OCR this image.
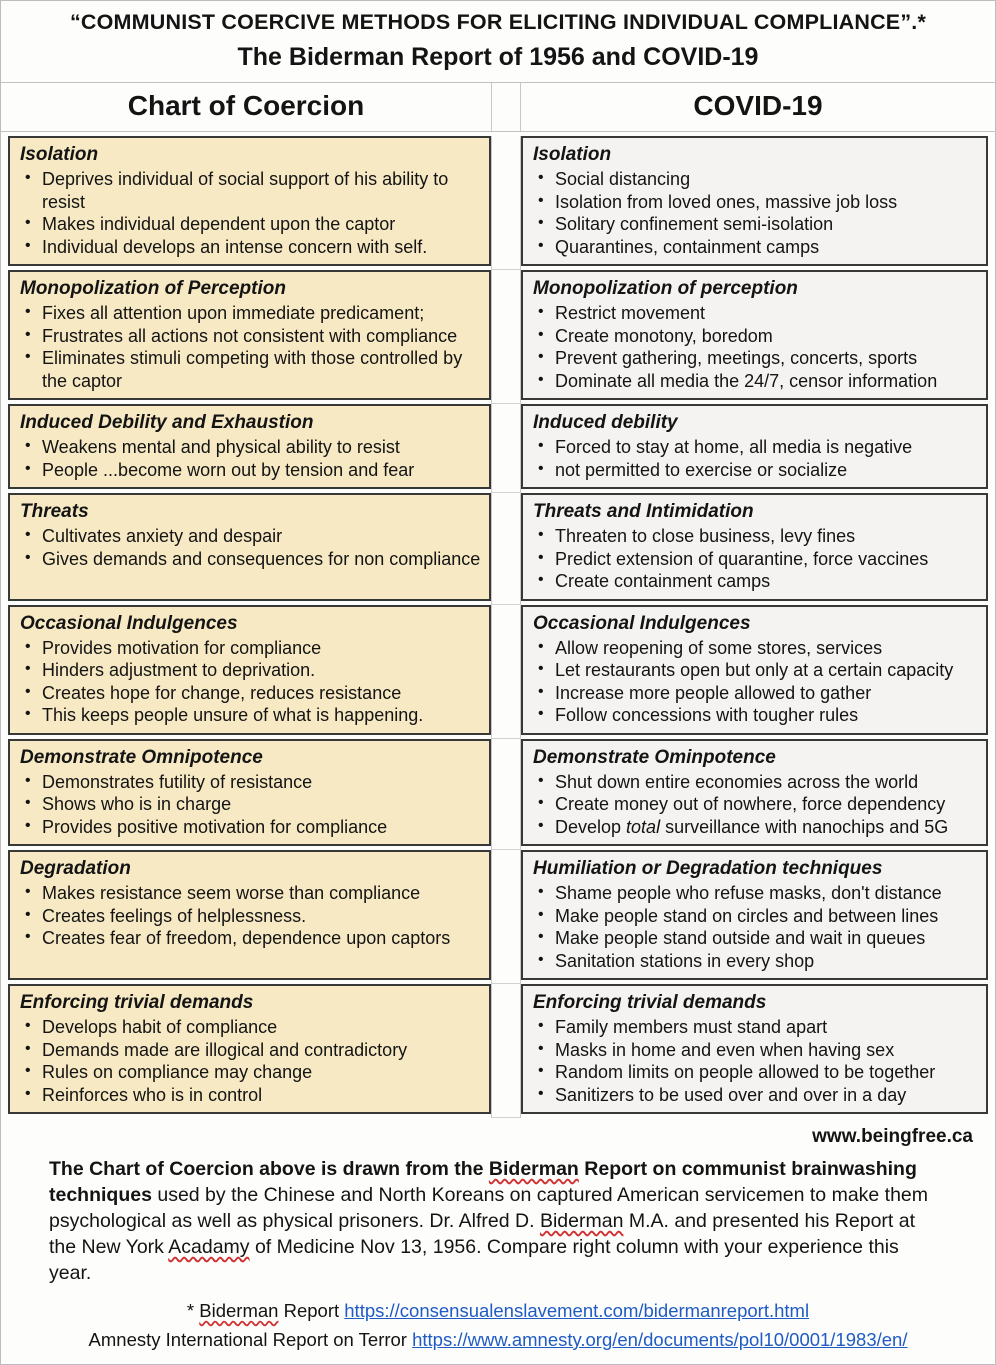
“COMMUNIST COERCIVE METHODS FOR ELICITING INDIVIDUAL COMPLIANCE”.*
The Biderman Report of 1956 and COVID-19
Chart of Coercion	COVID-19
Isolation
• Deprives individual of social support of his ability to resist
• Makes individual dependent upon the captor
• Individual develops an intense concern with self.
Isolation
• Social distancing
• Isolation from loved ones, massive job loss
• Solitary confinement semi-isolation
• Quarantines, containment camps
Monopolization of Perception
• Fixes all attention upon immediate predicament;
• Frustrates all actions not consistent with compliance
• Eliminates stimuli competing with those controlled by the captor
Monopolization of perception
• Restrict movement
• Create monotony, boredom
• Prevent gathering, meetings, concerts, sports
• Dominate all media the 24/7, censor information
Induced Debility and Exhaustion
• Weakens mental and physical ability to resist
• People ...become worn out by tension and fear
Induced debility
• Forced to stay at home, all media is negative
• not permitted to exercise or socialize
Threats
• Cultivates anxiety and despair
• Gives demands and consequences for non compliance
Threats and Intimidation
• Threaten to close business, levy fines
• Predict extension of quarantine, force vaccines
• Create containment camps
Occasional Indulgences
• Provides motivation for compliance
• Hinders adjustment to deprivation.
• Creates hope for change, reduces resistance
• This keeps people unsure of what is happening.
Occasional Indulgences
• Allow reopening of some stores, services
• Let restaurants open but only at a certain capacity
• Increase more people allowed to gather
• Follow concessions with tougher rules
Demonstrate Omnipotence
• Demonstrates futility of resistance
• Shows who is in charge
• Provides positive motivation for compliance
Demonstrate Ominpotence
• Shut down entire economies across the world
• Create money out of nowhere, force dependency
• Develop total surveillance with nanochips and 5G
Degradation
• Makes resistance seem worse than compliance
• Creates feelings of helplessness.
• Creates fear of freedom, dependence upon captors
Humiliation or Degradation techniques
• Shame people who refuse masks, don't distance
• Make people stand on circles and between lines
• Make people stand outside and wait in queues
• Sanitation stations in every shop
Enforcing trivial demands
• Develops habit of compliance
• Demands made are illogical and contradictory
• Rules on compliance may change
• Reinforces who is in control
Enforcing trivial demands
• Family members must stand apart
• Masks in home and even when having sex
• Random limits on people allowed to be together
• Sanitizers to be used over and over in a day
www.beingfree.ca

The Chart of Coercion above is drawn from the Biderman Report on communist brainwashing techniques used by the Chinese and North Koreans on captured American servicemen to make them psychological as well as physical prisoners. Dr. Alfred D. Biderman M.A. and presented his Report at the New York Acadamy of Medicine Nov 13, 1956. Compare right column with your experience this year.

* Biderman Report https://consensualenslavement.com/bidermanreport.html
Amnesty International Report on Terror https://www.amnesty.org/en/documents/pol10/0001/1983/en/
